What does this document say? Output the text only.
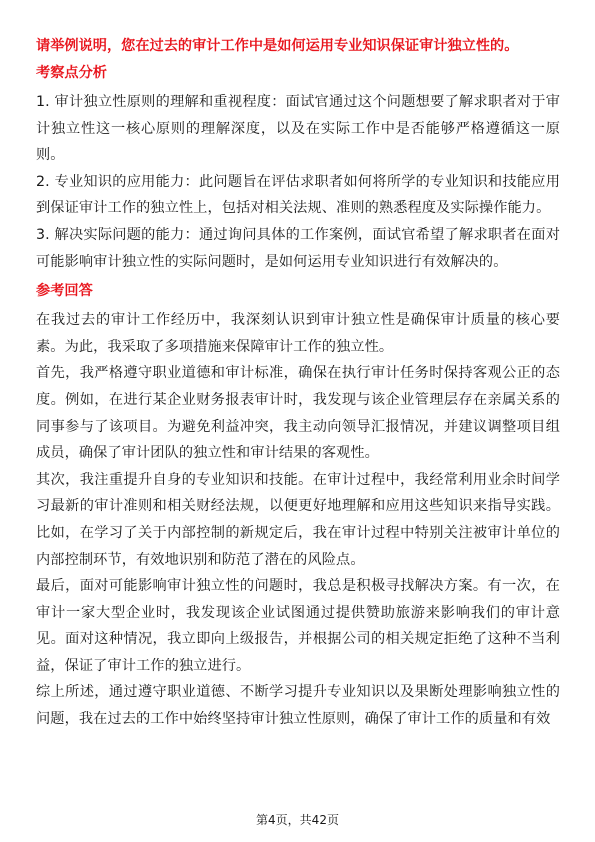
请举例说明，您在过去的审计工作中是如何运用专业知识保证审计独立性的。
考察点分析

1. 审计独立性原则的理解和重视程度：面试官通过这个问题想要了解求职者对于审计独立性这一核心原则的理解深度，以及在实际工作中是否能够严格遵循这一原则。

2. 专业知识的应用能力：此问题旨在评估求职者如何将所学的专业知识和技能应用到保证审计工作的独立性上，包括对相关法规、准则的熟悉程度及实际操作能力。

3. 解决实际问题的能力：通过询问具体的工作案例，面试官希望了解求职者在面对可能影响审计独立性的实际问题时，是如何运用专业知识进行有效解决的。

参考回答

在我过去的审计工作经历中，我深刻认识到审计独立性是确保审计质量的核心要素。为此，我采取了多项措施来保障审计工作的独立性。

首先，我严格遵守职业道德和审计标准，确保在执行审计任务时保持客观公正的态度。例如，在进行某企业财务报表审计时，我发现与该企业管理层存在亲属关系的同事参与了该项目。为避免利益冲突，我主动向领导汇报情况，并建议调整项目组成员，确保了审计团队的独立性和审计结果的客观性。

其次，我注重提升自身的专业知识和技能。在审计过程中，我经常利用业余时间学习最新的审计准则和相关财经法规，以便更好地理解和应用这些知识来指导实践。比如，在学习了关于内部控制的新规定后，我在审计过程中特别关注被审计单位的内部控制环节，有效地识别和防范了潜在的风险点。

最后，面对可能影响审计独立性的问题时，我总是积极寻找解决方案。有一次，在审计一家大型企业时，我发现该企业试图通过提供赞助旅游来影响我们的审计意见。面对这种情况，我立即向上级报告，并根据公司的相关规定拒绝了这种不当利益，保证了审计工作的独立进行。

综上所述，通过遵守职业道德、不断学习提升专业知识以及果断处理影响独立性的问题，我在过去的工作中始终坚持审计独立性原则，确保了审计工作的质量和有效

第4页，共42页
